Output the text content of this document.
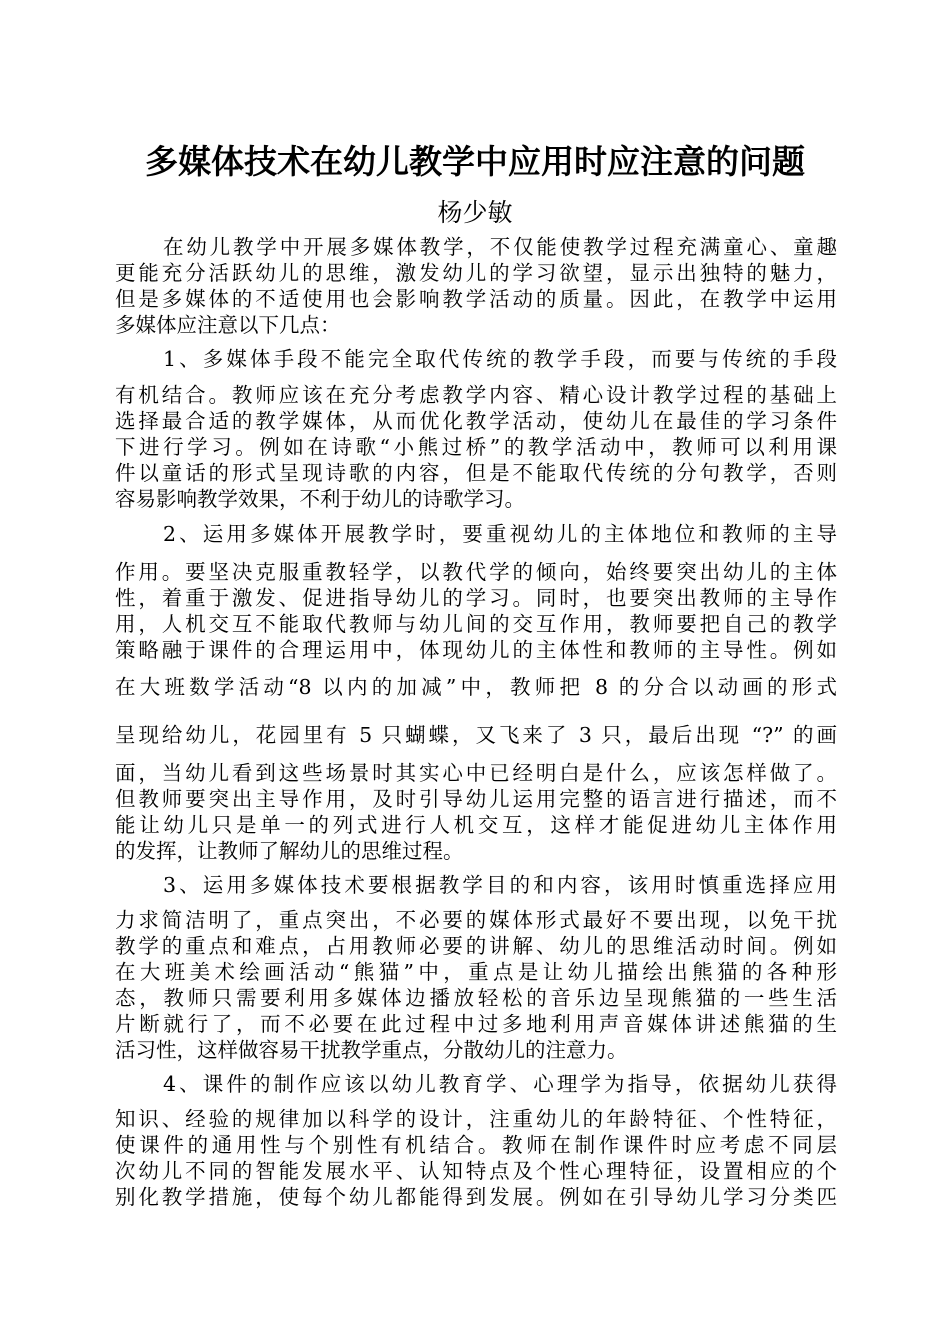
多媒体技术在幼儿教学中应用时应注意的问题
杨少敏
在幼儿教学中开展多媒体教学，不仅能使教学过程充满童心、童趣
更能充分活跃幼儿的思维，激发幼儿的学习欲望，显示出独特的魅力，
但是多媒体的不适使用也会影响教学活动的质量。因此，在教学中运用
多媒体应注意以下几点：
1、多媒体手段不能完全取代传统的教学手段，而要与传统的手段
有机结合。教师应该在充分考虑教学内容、精心设计教学过程的基础上
选择最合适的教学媒体，从而优化教学活动，使幼儿在最佳的学习条件
下进行学习。例如在诗歌“小熊过桥”的教学活动中，教师可以利用课
件以童话的形式呈现诗歌的内容，但是不能取代传统的分句教学，否则
容易影响教学效果，不利于幼儿的诗歌学习。
2、运用多媒体开展教学时，要重视幼儿的主体地位和教师的主导
作用。要坚决克服重教轻学，以教代学的倾向，始终要突出幼儿的主体
性，着重于激发、促进指导幼儿的学习。同时，也要突出教师的主导作
用，人机交互不能取代教师与幼儿间的交互作用，教师要把自己的教学
策略融于课件的合理运用中，体现幼儿的主体性和教师的主导性。例如
在大班数学活动“8 以内的加减”中，教师把 8 的分合以动画的形式
呈现给幼儿，花园里有 5 只蝴蝶，又飞来了 3 只，最后出现 “?” 的画
面，当幼儿看到这些场景时其实心中已经明白是什么，应该怎样做了。
但教师要突出主导作用，及时引导幼儿运用完整的语言进行描述，而不
能让幼儿只是单一的列式进行人机交互，这样才能促进幼儿主体作用
的发挥，让教师了解幼儿的思维过程。
3、运用多媒体技术要根据教学目的和内容，该用时慎重选择应用
力求简洁明了，重点突出，不必要的媒体形式最好不要出现，以免干扰
教学的重点和难点，占用教师必要的讲解、幼儿的思维活动时间。例如
在大班美术绘画活动“熊猫”中，重点是让幼儿描绘出熊猫的各种形
态，教师只需要利用多媒体边播放轻松的音乐边呈现熊猫的一些生活
片断就行了，而不必要在此过程中过多地利用声音媒体讲述熊猫的生
活习性，这样做容易干扰教学重点，分散幼儿的注意力。
4、课件的制作应该以幼儿教育学、心理学为指导，依据幼儿获得
知识、经验的规律加以科学的设计，注重幼儿的年龄特征、个性特征，
使课件的通用性与个别性有机结合。教师在制作课件时应考虑不同层
次幼儿不同的智能发展水平、认知特点及个性心理特征，设置相应的个
别化教学措施，使每个幼儿都能得到发展。例如在引导幼儿学习分类匹
